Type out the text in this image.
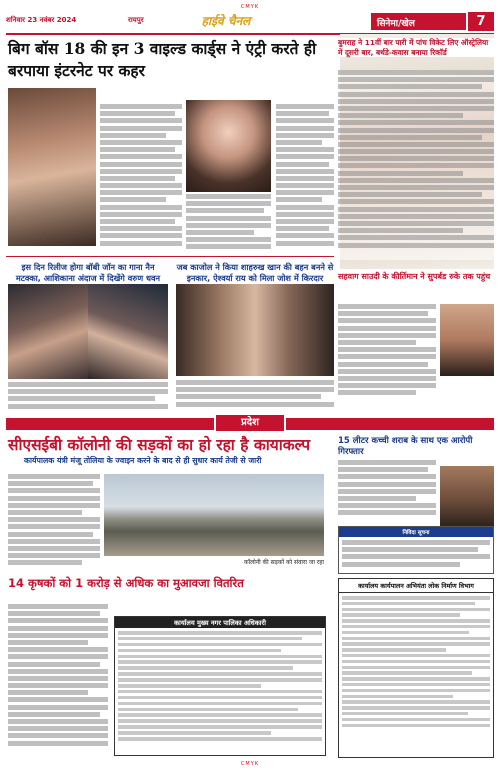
CMYK
शनिवार 23 नवंबर 2024	रायपुर	हाईवे चैनल	सिनेमा/खेल	7
बिग बॉस 18 की इन 3 वाइल्ड कार्ड्स ने एंट्री करते ही बरपाया इंटरनेट पर कहर
बुमराह ने 11वीं बार पारी में पांच विकेट लिए ऑस्ट्रेलिया में दूसरी बार, बर्थडे-कवास बनाया रिकॉर्ड
सहवाग साउदी के कीर्तिमान ने सुपर्बड रुके तक पहुंच
इस दिन रिलीज होगा बॉबी जॉन का गाना नैन मटक्का, आशिकाना अंदाज में दिखेंगे वरुण धवन
जब काजोल ने किया शाहरुख खान की बहन बनने से इनकार, ऐश्वर्या राय को मिला जोश में किरदार
प्रदेश
सीएसईबी कॉलोनी की सड़कों का हो रहा है कायाकल्प
कार्यपालक यंत्री मंजू तोलिया के ज्वाइन करने के बाद से ही सुधार कार्य तेजी से जारी
कॉलोनी की सड़कों को संवारा जा रहा
15 लीटर कच्ची शराब के साथ एक आरोपी गिरफ्तार
निविदा सूचना
14 कृषकों को 1 करोड़ से अधिक का मुआवजा वितरित
कार्यालय मुख्य नगर पालिका अधिकारी
कार्यालय कार्यपालन अभियंता लोक निर्माण विभाग
CMYK
